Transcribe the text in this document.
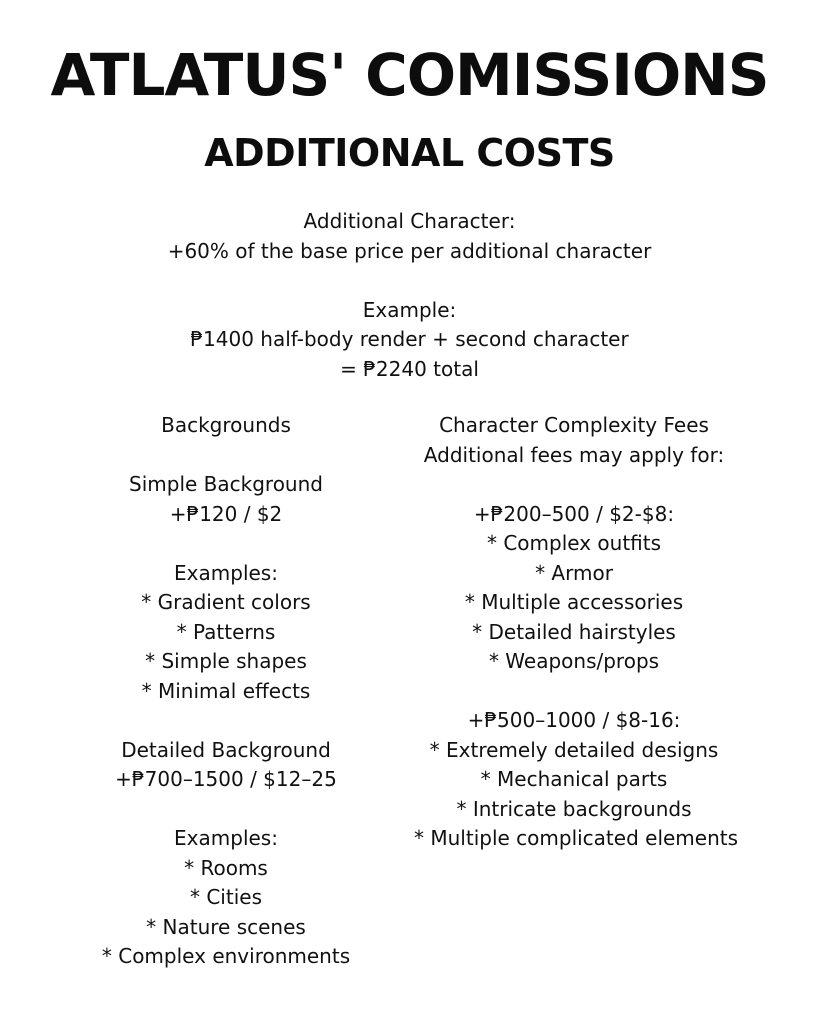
ATLATUS' COMISSIONS
ADDITIONAL COSTS
Additional Character:
+60% of the base price per additional character
Example:
₱1400 half-body render + second character
= ₱2240 total
Backgrounds
Simple Background
+₱120 / $2
Examples:
* Gradient colors
* Patterns
* Simple shapes
* Minimal effects
Detailed Background
+₱700–1500 / $12–25
Examples:
* Rooms
* Cities
* Nature scenes
* Complex environments
Character Complexity Fees
Additional fees may apply for:
+₱200–500 / $2-$8:
* Complex outfits
* Armor
* Multiple accessories
* Detailed hairstyles
* Weapons/props
+₱500–1000 / $8-16:
* Extremely detailed designs
* Mechanical parts
* Intricate backgrounds
* Multiple complicated elements
